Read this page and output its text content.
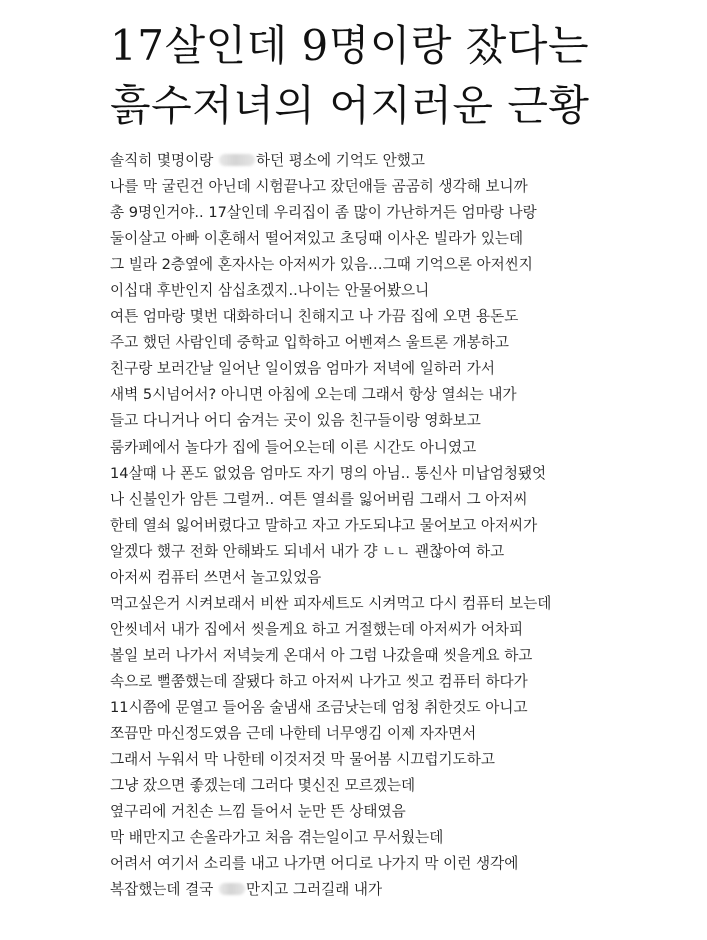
17살인데 9명이랑 잤다는
흙수저녀의 어지러운 근황
솔직히 몇명이랑	하던 평소에 기억도 안했고
나를 막 굴린건 아닌데 시험끝나고 잤던애들 곰곰히 생각해 보니까
총 9명인거야.. 17살인데 우리집이 좀 많이 가난하거든 엄마랑 나랑
둘이살고 아빠 이혼해서 떨어져있고 초딩때 이사온 빌라가 있는데
그 빌라 2층옆에 혼자사는 아저씨가 있음…그때 기억으론 아저씬지
이십대 후반인지 삼십초겠지..나이는 안물어봤으니
여튼 엄마랑 몇번 대화하더니 친해지고 나 가끔 집에 오면 용돈도
주고 했던 사람인데 중학교 입학하고 어벤져스 울트론 개봉하고
친구랑 보러간날 일어난 일이였음 엄마가 저녁에 일하러 가서
새벽 5시넘어서? 아니면 아침에 오는데 그래서 항상 열쇠는 내가
들고 다니거나 어디 숨겨는 곳이 있음 친구들이랑 영화보고
룸카페에서 놀다가 집에 들어오는데 이른 시간도 아니였고
14살때 나 폰도 없었음 엄마도 자기 명의 아님.. 통신사 미납엄청됐엇
나 신불인가 암튼 그럴꺼.. 여튼 열쇠를 잃어버림 그래서 그 아저씨
한테 열쇠 잃어버렸다고 말하고 자고 가도되냐고 물어보고 아저씨가
알겠다 했구 전화 안해봐도 되네서 내가 걍 ㄴㄴ 괜찮아여 하고
아저씨 컴퓨터 쓰면서 놀고있었음
먹고싶은거 시켜보래서 비싼 피자세트도 시켜먹고 다시 컴퓨터 보는데
안씻네서 내가 집에서 씻을게요 하고 거절했는데 아저씨가 어차피
볼일 보러 나가서 저녁늦게 온대서 아 그럼 나갔을때 씻을게요 하고
속으로 뻘쭘했는데 잘됐다 하고 아저씨 나가고 씻고 컴퓨터 하다가
11시쯤에 문열고 들어옴 술냄새 조금낫는데 엄청 취한것도 아니고
쪼끔만 마신정도였음 근데 나한테 너무앵김 이제 자자면서
그래서 누워서 막 나한테 이것저것 막 물어봄 시끄럽기도하고
그냥 잤으면 좋겠는데 그러다 몇신진 모르겠는데
옆구리에 거친손 느낌 들어서 눈만 뜬 상태였음
막 배만지고 손올라가고 처음 겪는일이고 무서웠는데
어려서 여기서 소리를 내고 나가면 어디로 나가지 막 이런 생각에
복잡했는데 결국 만지고 그러길래 내가
